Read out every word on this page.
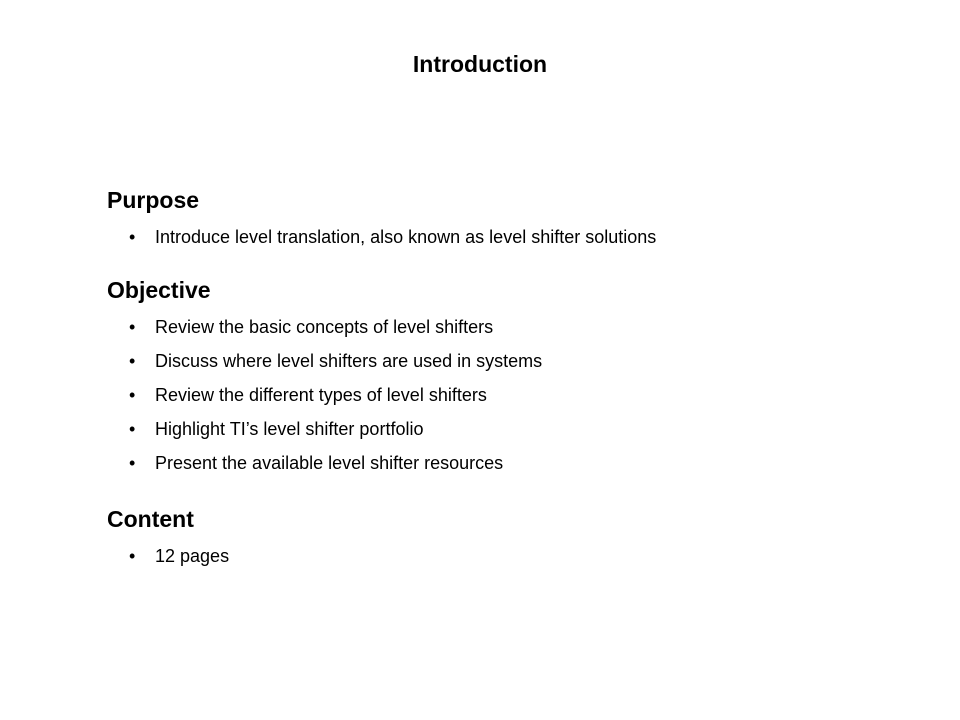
Introduction
Purpose
• Introduce level translation, also known as level shifter solutions
Objective
• Review the basic concepts of level shifters
• Discuss where level shifters are used in systems
• Review the different types of level shifters
• Highlight TI’s level shifter portfolio
• Present the available level shifter resources
Content
• 12 pages
